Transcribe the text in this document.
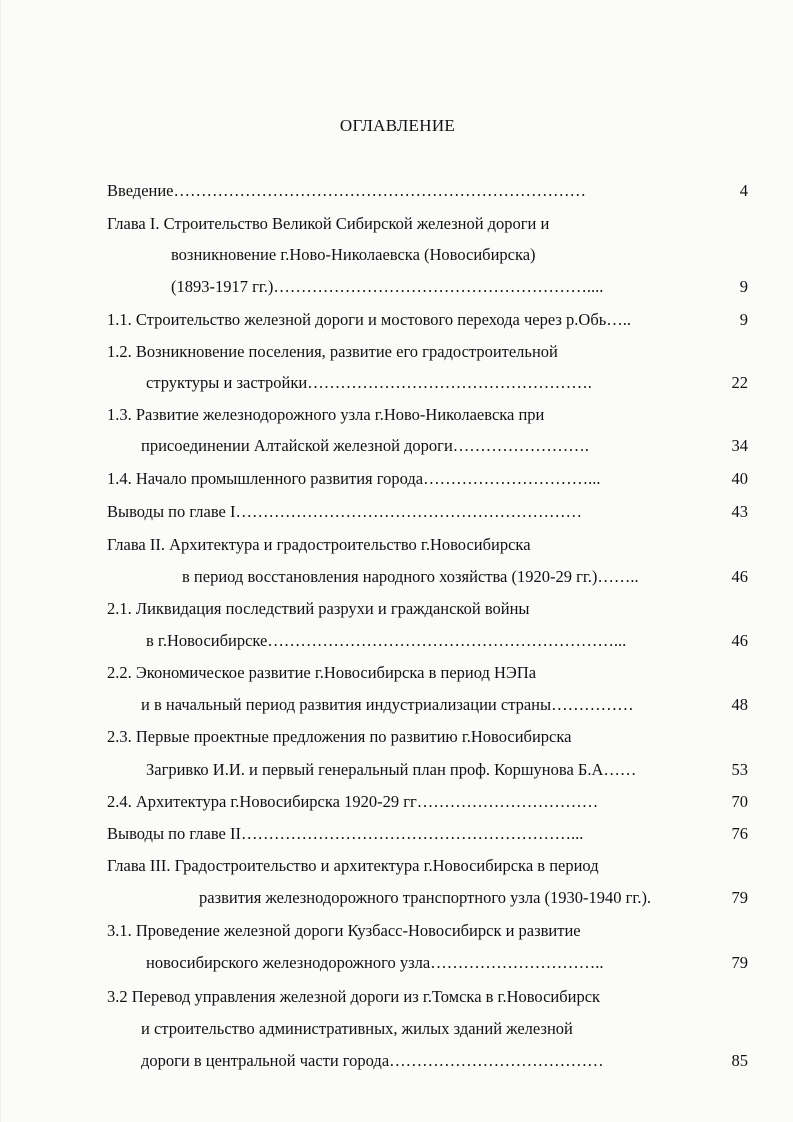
ОГЛАВЛЕНИЕ
Введение…………………………………………………………………	4
Глава I. Строительство Великой Сибирской железной дороги и
возникновение г.Ново-Николаевска (Новосибирска)
(1893-1917 гг.)…………………………………………………....	9
1.1. Строительство железной дороги и мостового перехода через р.Обь…..	9
1.2. Возникновение поселения, развитие его градостроительной
структуры и застройки…………………………………………….	22
1.3. Развитие железнодорожного узла г.Ново-Николаевска при
присоединении Алтайской железной дороги…………………….	34
1.4. Начало промышленного развития города…………………………...	40
Выводы по главе I………………………………………………………	43
Глава II. Архитектура и градостроительство г.Новосибирска
в период восстановления народного хозяйства (1920-29 гг.)……..	46
2.1. Ликвидация последствий разрухи и гражданской войны
в г.Новосибирске………………………………………………………...	46
2.2. Экономическое развитие г.Новосибирска в период НЭПа
и в начальный период развития индустриализации страны……………	48
2.3. Первые проектные предложения по развитию г.Новосибирска
Загривко И.И. и первый генеральный план проф. Коршунова Б.А……	53
2.4. Архитектура г.Новосибирска 1920-29 гг……………………………	70
Выводы по главе II……………………………………………………...	76
Глава III. Градостроительство и архитектура г.Новосибирска в период
развития железнодорожного транспортного узла (1930-1940 гг.).	79
3.1. Проведение железной дороги Кузбасс-Новосибирск и развитие
новосибирского железнодорожного узла…………………………..	79
3.2 Перевод управления железной дороги из г.Томска в г.Новосибирск
и строительство административных, жилых зданий железной
дороги в центральной части города…………………………………	85
